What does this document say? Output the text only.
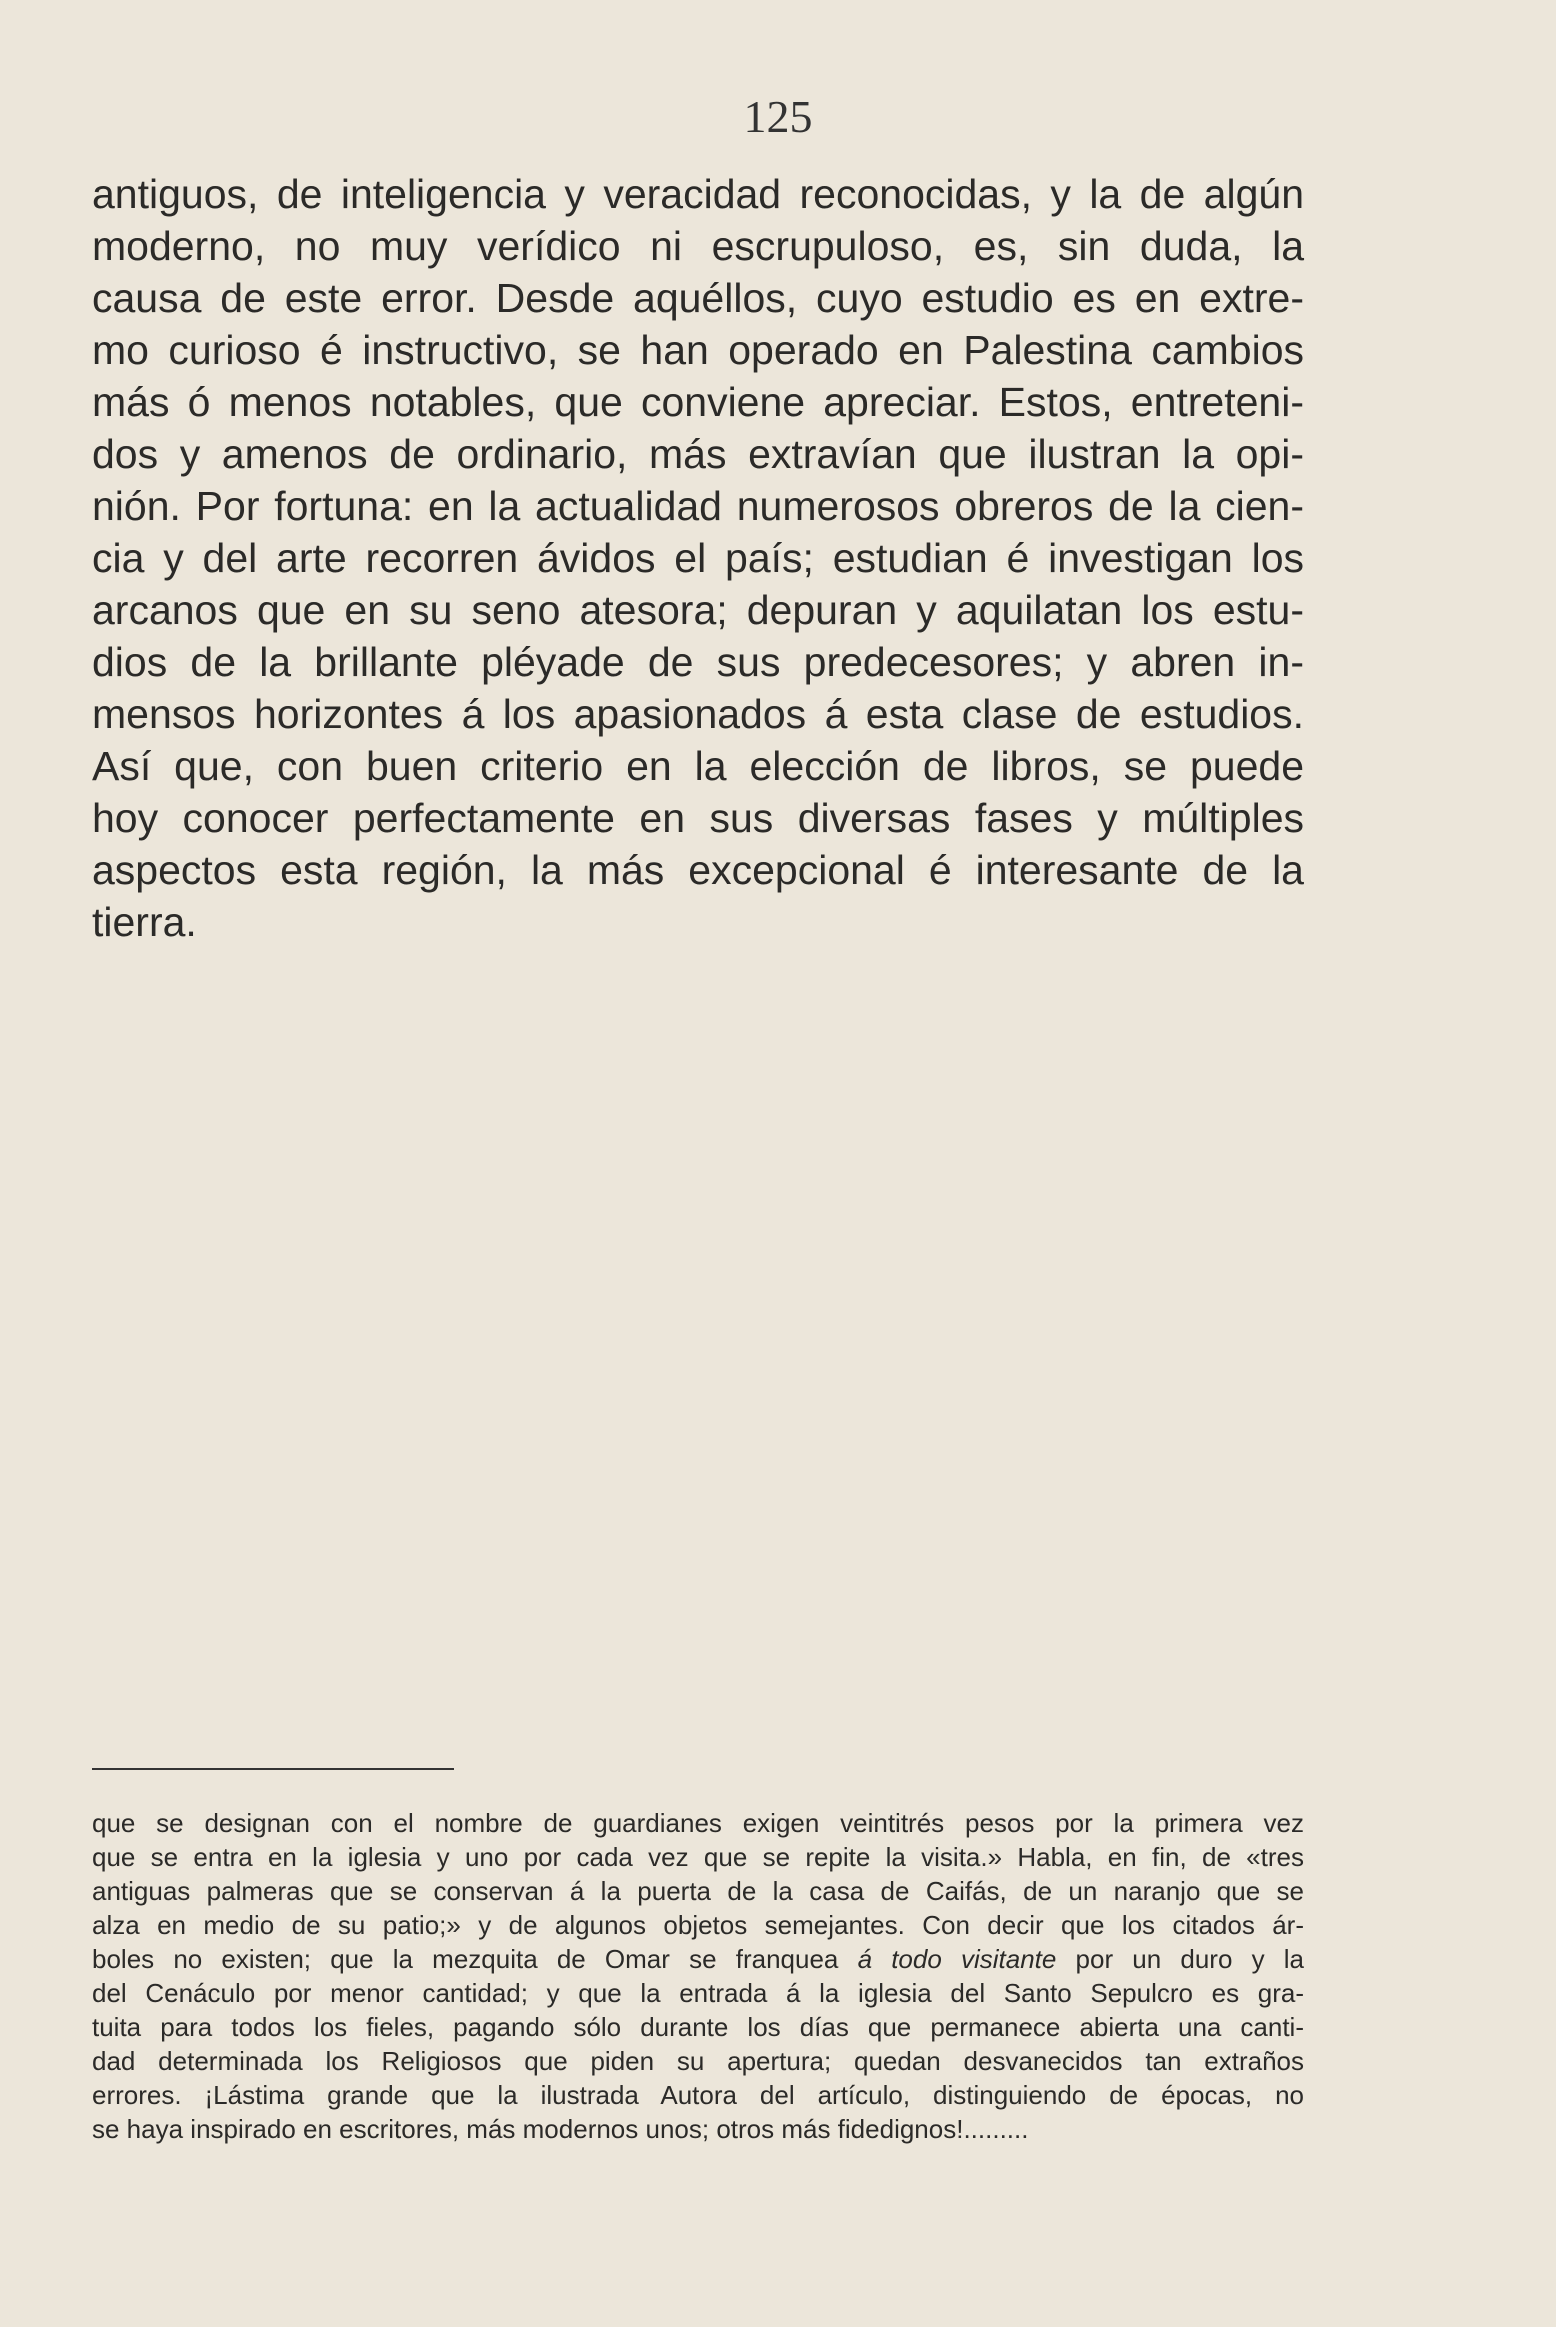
125
antiguos, de inteligencia y veracidad reconocidas, y la de algún
moderno, no muy verídico ni escrupuloso, es, sin duda, la
causa de este error. Desde aquéllos, cuyo estudio es en extre-
mo curioso é instructivo, se han operado en Palestina cambios
más ó menos notables, que conviene apreciar. Estos, entreteni-
dos y amenos de ordinario, más extravían que ilustran la opi-
nión. Por fortuna: en la actualidad numerosos obreros de la cien-
cia y del arte recorren ávidos el país; estudian é investigan los
arcanos que en su seno atesora; depuran y aquilatan los estu-
dios de la brillante pléyade de sus predecesores; y abren in-
mensos horizontes á los apasionados á esta clase de estudios.
Así que, con buen criterio en la elección de libros, se puede
hoy conocer perfectamente en sus diversas fases y múltiples
aspectos esta región, la más excepcional é interesante de la
tierra.
que se designan con el nombre de guardianes exigen veintitrés pesos por la primera vez
que se entra en la iglesia y uno por cada vez que se repite la visita.» Habla, en fin, de «tres
antiguas palmeras que se conservan á la puerta de la casa de Caifás, de un naranjo que se
alza en medio de su patio;» y de algunos objetos semejantes. Con decir que los citados ár-
boles no existen; que la mezquita de Omar se franquea á todo visitante por un duro y la
del Cenáculo por menor cantidad; y que la entrada á la iglesia del Santo Sepulcro es gra-
tuita para todos los fieles, pagando sólo durante los días que permanece abierta una canti-
dad determinada los Religiosos que piden su apertura; quedan desvanecidos tan extraños
errores. ¡Lástima grande que la ilustrada Autora del artículo, distinguiendo de épocas, no
se haya inspirado en escritores, más modernos unos; otros más fidedignos!.........
